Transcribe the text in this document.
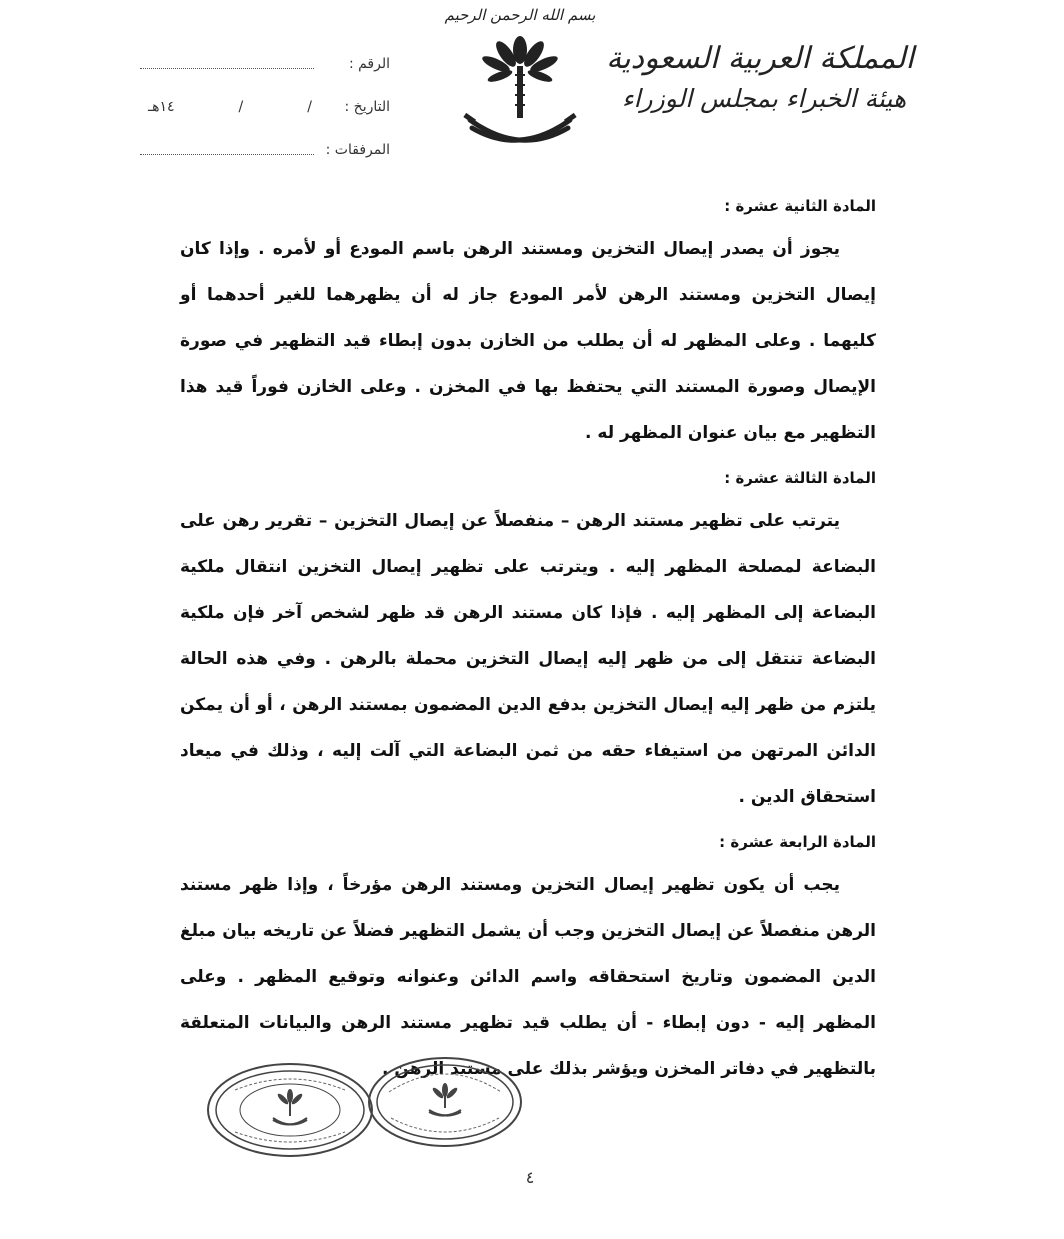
المملكة العربية السعودية
هيئة الخبراء بمجلس الوزراء
بسم الله الرحمن الرحيم
الرقم :
التاريخ :
/
/
١٤هـ
المرفقات :

المادة الثانية عشرة :

يجوز أن يصدر إيصال التخزين ومستند الرهن باسم المودع أو لأمره . وإذا كان إيصال التخزين ومستند الرهن لأمر المودع جاز له أن يظهرهما للغير أحدهما أو كليهما . وعلى المظهر له أن يطلب من الخازن بدون إبطاء قيد التظهير في صورة الإيصال وصورة المستند التي يحتفظ بها في المخزن . وعلى الخازن فوراً قيد هذا التظهير مع بيان عنوان المظهر له .

المادة الثالثة عشرة :

يترتب على تظهير مستند الرهن – منفصلاً عن إيصال التخزين – تقرير رهن على البضاعة لمصلحة المظهر إليه . ويترتب على تظهير إيصال التخزين انتقال ملكية البضاعة إلى المظهر إليه . فإذا كان مستند الرهن قد ظهر لشخص آخر فإن ملكية البضاعة تنتقل إلى من ظهر إليه إيصال التخزين محملة بالرهن . وفي هذه الحالة يلتزم من ظهر إليه إيصال التخزين بدفع الدين المضمون بمستند الرهن ، أو أن يمكن الدائن المرتهن من استيفاء حقه من ثمن البضاعة التي آلت إليه ، وذلك في ميعاد استحقاق الدين .

المادة الرابعة عشرة :

يجب أن يكون تظهير إيصال التخزين ومستند الرهن مؤرخاً ، وإذا ظهر مستند الرهن منفصلاً عن إيصال التخزين وجب أن يشمل التظهير فضلاً عن تاريخه بيان مبلغ الدين المضمون وتاريخ استحقاقه واسم الدائن وعنوانه وتوقيع المظهر . وعلى المظهر إليه - دون إبطاء - أن يطلب قيد تظهير مستند الرهن والبيانات المتعلقة بالتظهير في دفاتر المخزن ويؤشر بذلك على مستند الرهن .

٤
